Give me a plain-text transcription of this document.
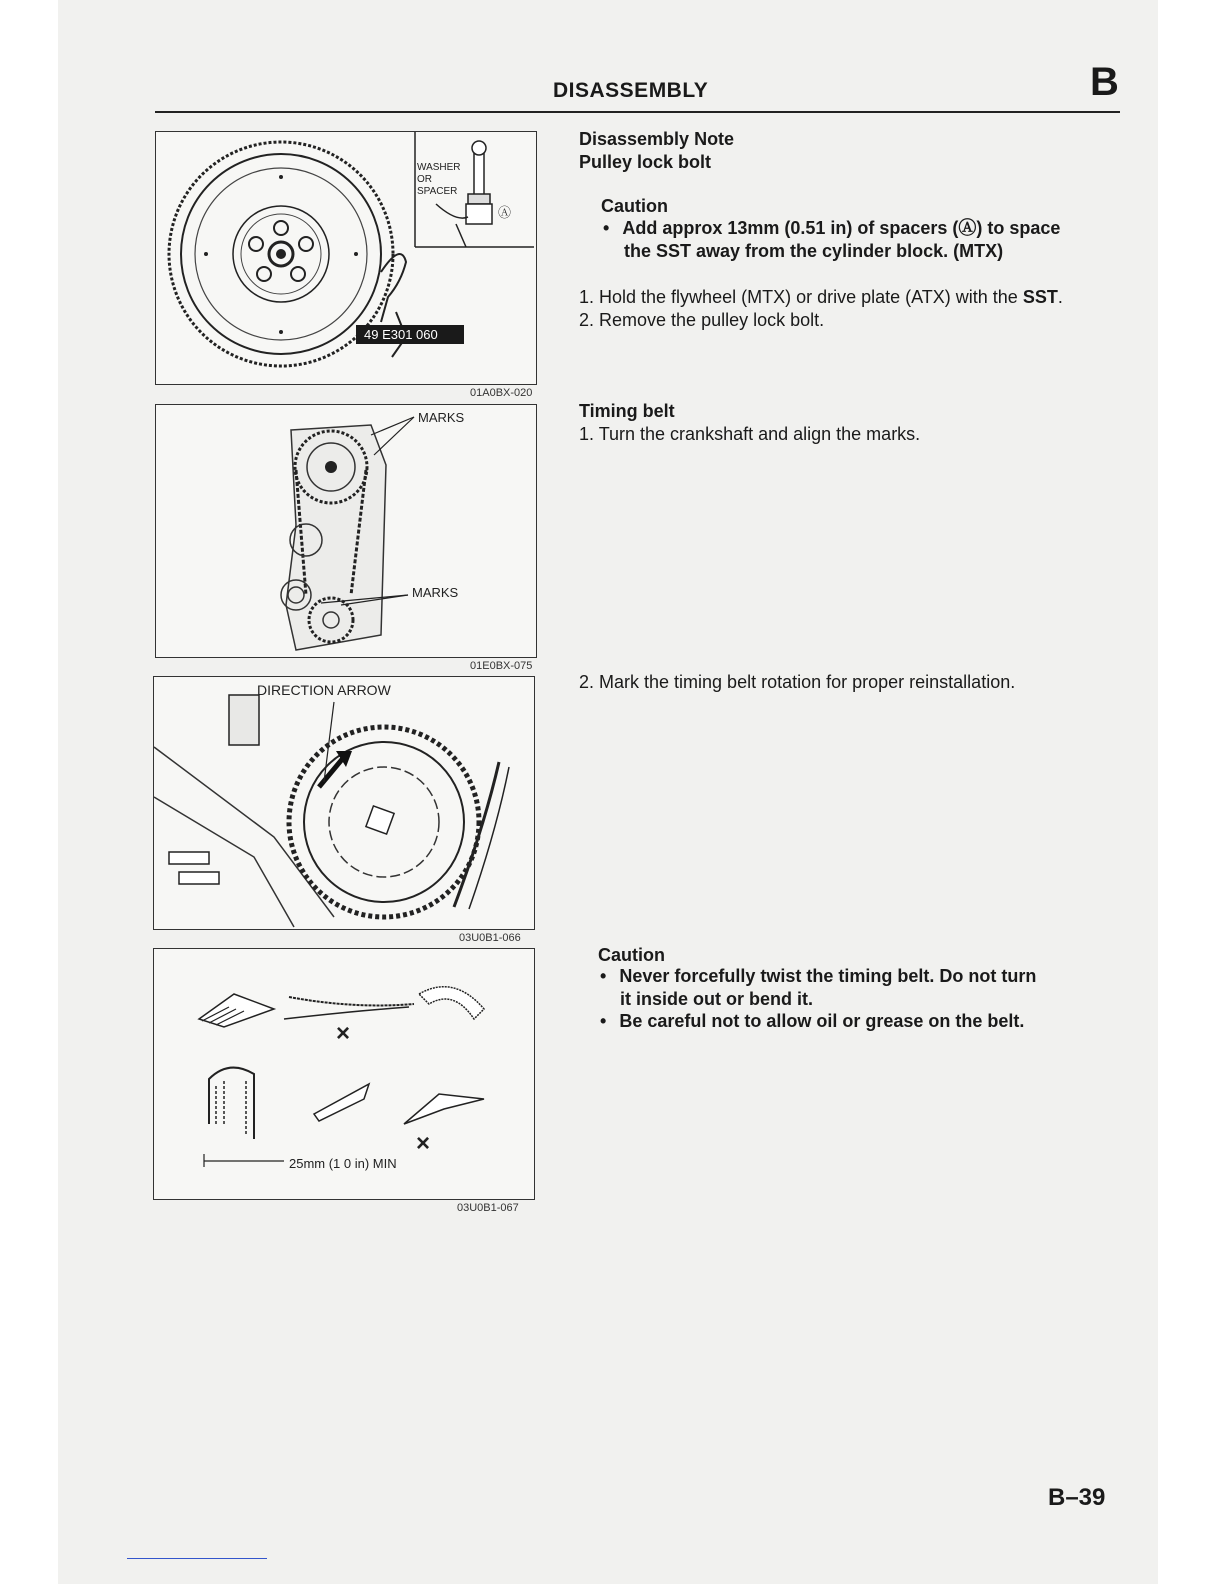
DISASSEMBLY	B
WASHER
OR
SPACER
Ⓐ
49 E301 060
01A0BX-020
MARKS
MARKS
01E0BX-075
DIRECTION ARROW
03U0B1-066
×
×
25mm (1 0 in) MIN
03U0B1-067
Disassembly Note
Pulley lock bolt
Caution
• Add approx 13mm (0.51 in) of spacers (Ⓐ) to space
the SST away from the cylinder block. (MTX)
1. Hold the flywheel (MTX) or drive plate (ATX) with the SST.
2. Remove the pulley lock bolt.
Timing belt
1. Turn the crankshaft and align the marks.
2. Mark the timing belt rotation for proper reinstallation.
Caution
• Never forcefully twist the timing belt. Do not turn
it inside out or bend it.
• Be careful not to allow oil or grease on the belt.
B–39
